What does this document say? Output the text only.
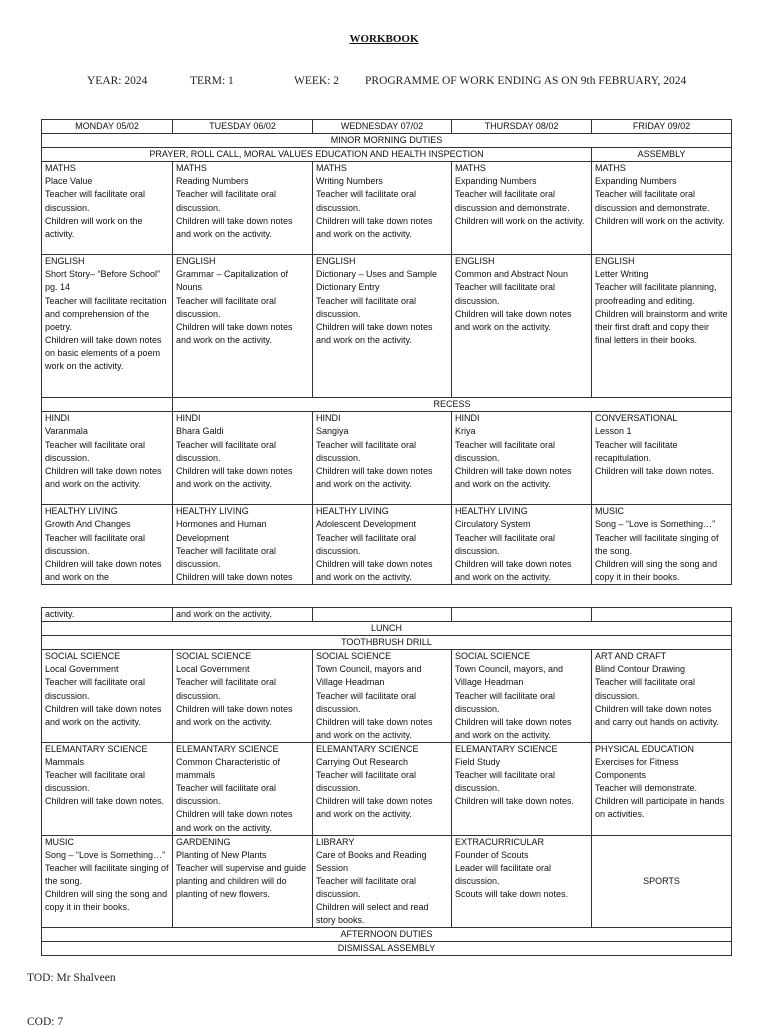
WORKBOOK
YEAR: 2024	TERM: 1	WEEK: 2 PROGRAMME OF WORK ENDING AS ON 9th FEBRUARY, 2024
MONDAY 05/02	TUESDAY 06/02	WEDNESDAY 07/02	THURSDAY 08/02	FRIDAY 09/02
MINOR MORNING DUTIES				
PRAYER, ROLL CALL, MORAL VALUES EDUCATION AND HEALTH INSPECTION				ASSEMBLY

MATHS
Place Value
Teacher will facilitate oral discussion.
Children will work on the activity.	MATHS
Reading Numbers
Teacher will facilitate oral discussion.
Children will take down notes and work on the activity.	MATHS
Writing Numbers
Teacher will facilitate oral discussion.
Children will take down notes and work on the activity.	MATHS
Expanding Numbers
Teacher will facilitate oral discussion and demonstrate.
Children will work on the activity.	MATHS
Expanding Numbers
Teacher will facilitate oral discussion and demonstrate.
Children will work on the activity.

ENGLISH
Short Story– “Before School” pg. 14
Teacher will facilitate recitation and comprehension of the poetry.
Children will take down notes on basic elements of a poem work on the activity.	ENGLISH
Grammar – Capitalization of Nouns
Teacher will facilitate oral discussion.
Children will take down notes and work on the activity.	ENGLISH
Dictionary – Uses and Sample Dictionary Entry
Teacher will facilitate oral discussion.
Children will take down notes and work on the activity.	ENGLISH
Common and Abstract Noun
Teacher will facilitate oral discussion.
Children will take down notes and work on the activity.	ENGLISH
Letter Writing
Teacher will facilitate planning, proofreading and editing.
Children will brainstorm and write their first draft and copy their final letters in their books.

	RECESS			

HINDI
Varanmala
Teacher will facilitate oral discussion.
Children will take down notes and work on the activity.	HINDI
Bhara Galdi
Teacher will facilitate oral discussion.
Children will take down notes and work on the activity.	HINDI
Sangiya
Teacher will facilitate oral discussion.
Children will take down notes and work on the activity.	HINDI
Kriya
Teacher will facilitate oral discussion.
Children will take down notes and work on the activity.	CONVERSATIONAL
Lesson 1
Teacher will facilitate recapitulation.
Children will take down notes.

HEALTHY LIVING
Growth And Changes
Teacher will facilitate oral discussion.
Children will take down notes and work on the	HEALTHY LIVING
Hormones and Human Development
Teacher will facilitate oral discussion.
Children will take down notes	HEALTHY LIVING
Adolescent Development
Teacher will facilitate oral discussion.
Children will take down notes and work on the activity.	HEALTHY LIVING
Circulatory System
Teacher will facilitate oral discussion.
Children will take down notes and work on the activity.	MUSIC
Song – “Love is Something…”
Teacher will facilitate singing of the song.
Children will sing the song and copy it in their books.
activity.	and work on the activity.			
LUNCH				
TOOTHBRUSH DRILL				

SOCIAL SCIENCE
Local Government
Teacher will facilitate oral discussion.
Children will take down notes and work on the activity.	SOCIAL SCIENCE
Local Government
Teacher will facilitate oral discussion.
Children will take down notes and work on the activity.	SOCIAL SCIENCE
Town Council, mayors and Village Headman
Teacher will facilitate oral discussion.
Children will take down notes and work on the activity.	SOCIAL SCIENCE
Town Council, mayors, and Village Headman
Teacher will facilitate oral discussion.
Children will take down notes and work on the activity.	ART AND CRAFT
Blind Contour Drawing
Teacher will facilitate oral discussion.
Children will take down notes and carry out hands on activity.

ELEMANTARY SCIENCE
Mammals
Teacher will facilitate oral discussion.
Children will take down notes.	ELEMANTARY SCIENCE
Common Characteristic of mammals
Teacher will facilitate oral discussion.
Children will take down notes and work on the activity.	ELEMANTARY SCIENCE
Carrying Out Research
Teacher will facilitate oral discussion.
Children will take down notes and work on the activity.	ELEMANTARY SCIENCE
Field Study
Teacher will facilitate oral discussion.
Children will take down notes.	PHYSICAL EDUCATION
Exercises for Fitness Components
Teacher will demonstrate.
Children will participate in hands on activities.

MUSIC
Song – “Love is Something…”
Teacher will facilitate singing of the song.
Children will sing the song and copy it in their books.	GARDENING
Planting of New Plants
Teacher will supervise and guide planting and children will do planting of new flowers.	LIBRARY
Care of Books and Reading Session
Teacher will facilitate oral discussion.
Children will select and read story books.	EXTRACURRICULAR
Founder of Scouts
Leader will facilitate oral discussion.
Scouts will take down notes.	SPORTS
AFTERNOON DUTIES				
DISMISSAL ASSEMBLY				
TOD: Mr Shalveen
COD: 7
